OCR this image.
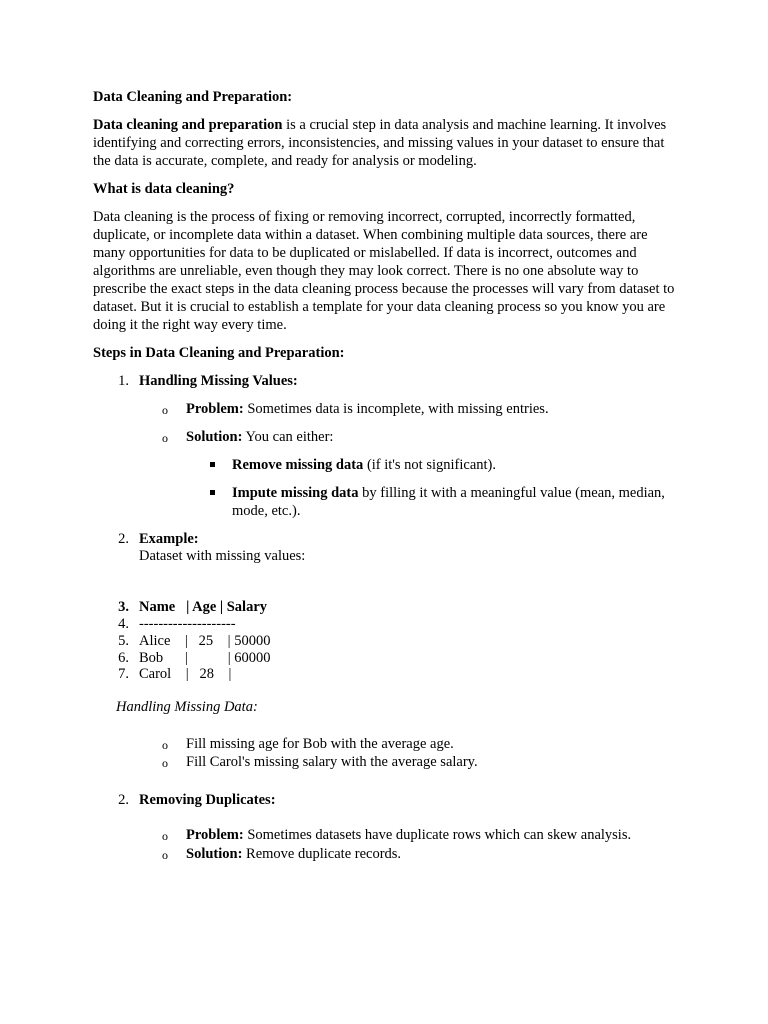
Data Cleaning and Preparation:

Data cleaning and preparation is a crucial step in data analysis and machine learning. It involves identifying and correcting errors, inconsistencies, and missing values in your dataset to ensure that the data is accurate, complete, and ready for analysis or modeling.

What is data cleaning?

Data cleaning is the process of fixing or removing incorrect, corrupted, incorrectly formatted, duplicate, or incomplete data within a dataset. When combining multiple data sources, there are many opportunities for data to be duplicated or mislabelled. If data is incorrect, outcomes and algorithms are unreliable, even though they may look correct. There is no one absolute way to prescribe the exact steps in the data cleaning process because the processes will vary from dataset to dataset. But it is crucial to establish a template for your data cleaning process so you know you are doing it the right way every time.

Steps in Data Cleaning and Preparation:

1. Handling Missing Values:

o Problem: Sometimes data is incomplete, with missing entries.

o Solution: You can either:

Remove missing data (if it's not significant).

Impute missing data by filling it with a meaningful value (mean, median, mode, etc.).

2. Example:

Dataset with missing values:

3. Name   | Age | Salary
4. --------------------
5. Alice    |   25    | 50000
6. Bob      |           | 60000
7. Carol    |   28    |

Handling Missing Data:

o Fill missing age for Bob with the average age.

o Fill Carol's missing salary with the average salary.

2. Removing Duplicates:

o Problem: Sometimes datasets have duplicate rows which can skew analysis.

o Solution: Remove duplicate records.
